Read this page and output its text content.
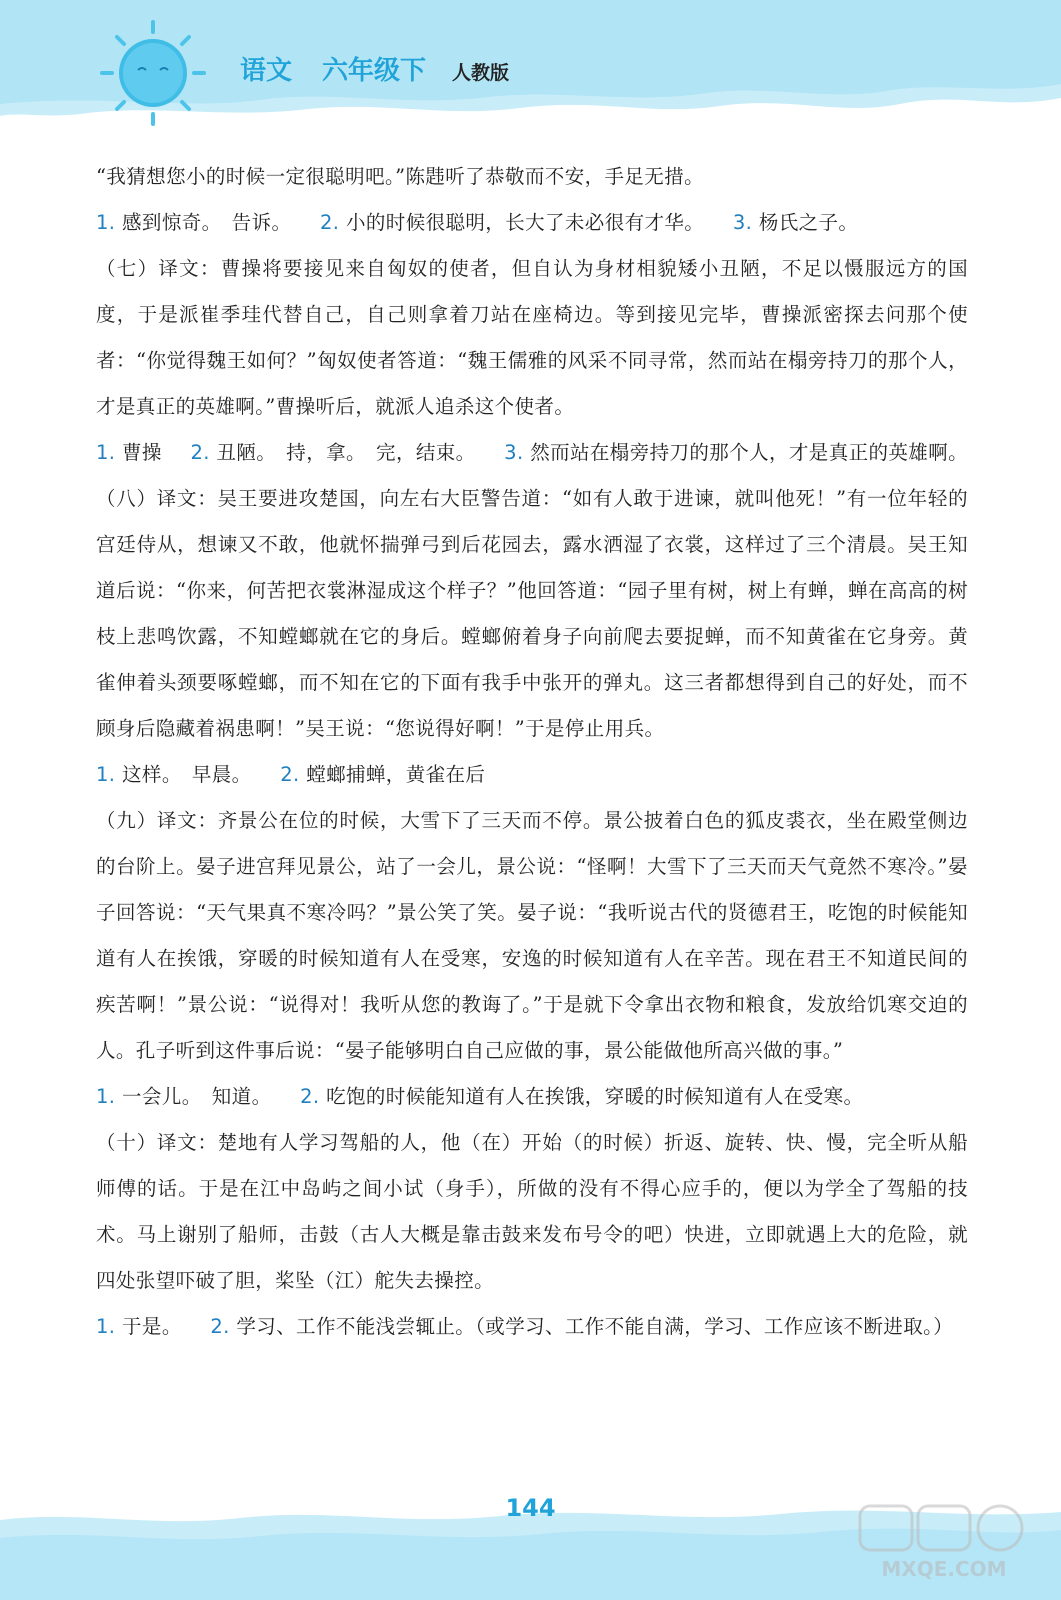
语文 六年级下 人教版

“我猜想您小的时候一定很聪明吧。”陈韪听了恭敬而不安，手足无措。

1. 感到惊奇。　告诉。 2. 小的时候很聪明，长大了未必很有才华。 3. 杨氏之子。

（七）译文：曹操将要接见来自匈奴的使者，但自认为身材相貌矮小丑陋，不足以慑服远方的国度，于是派崔季珪代替自己，自己则拿着刀站在座椅边。等到接见完毕，曹操派密探去问那个使者：“你觉得魏王如何？”匈奴使者答道：“魏王儒雅的风采不同寻常，然而站在榻旁持刀的那个人，才是真正的英雄啊。”曹操听后，就派人追杀这个使者。

1. 曹操 2. 丑陋。　持，拿。　完，结束。 3. 然而站在榻旁持刀的那个人，才是真正的英雄啊。

（八）译文：吴王要进攻楚国，向左右大臣警告道：“如有人敢于进谏，就叫他死！”有一位年轻的宫廷侍从，想谏又不敢，他就怀揣弹弓到后花园去，露水洒湿了衣裳，这样过了三个清晨。吴王知道后说：“你来，何苦把衣裳淋湿成这个样子？”他回答道：“园子里有树，树上有蝉，蝉在高高的树枝上悲鸣饮露，不知螳螂就在它的身后。螳螂俯着身子向前爬去要捉蝉，而不知黄雀在它身旁。黄雀伸着头颈要啄螳螂，而不知在它的下面有我手中张开的弹丸。这三者都想得到自己的好处，而不顾身后隐藏着祸患啊！”吴王说：“您说得好啊！”于是停止用兵。

1. 这样。　早晨。 2. 螳螂捕蝉，黄雀在后

（九）译文：齐景公在位的时候，大雪下了三天而不停。景公披着白色的狐皮裘衣，坐在殿堂侧边的台阶上。晏子进宫拜见景公，站了一会儿，景公说：“怪啊！大雪下了三天而天气竟然不寒冷。”晏子回答说：“天气果真不寒冷吗？”景公笑了笑。晏子说：“我听说古代的贤德君王，吃饱的时候能知道有人在挨饿，穿暖的时候知道有人在受寒，安逸的时候知道有人在辛苦。现在君王不知道民间的疾苦啊！”景公说：“说得对！我听从您的教诲了。”于是就下令拿出衣物和粮食，发放给饥寒交迫的人。孔子听到这件事后说：“晏子能够明白自己应做的事，景公能做他所高兴做的事。”

1. 一会儿。　知道。 2. 吃饱的时候能知道有人在挨饿，穿暖的时候知道有人在受寒。

（十）译文：楚地有人学习驾船的人，他（在）开始（的时候）折返、旋转、快、慢，完全听从船师傅的话。于是在江中岛屿之间小试（身手），所做的没有不得心应手的，便以为学全了驾船的技术。马上谢别了船师，击鼓（古人大概是靠击鼓来发布号令的吧）快进，立即就遇上大的危险，就四处张望吓破了胆，桨坠（江）舵失去操控。

1. 于是。 2. 学习、工作不能浅尝辄止。（或学习、工作不能自满，学习、工作应该不断进取。）

144
MXQE.COM
